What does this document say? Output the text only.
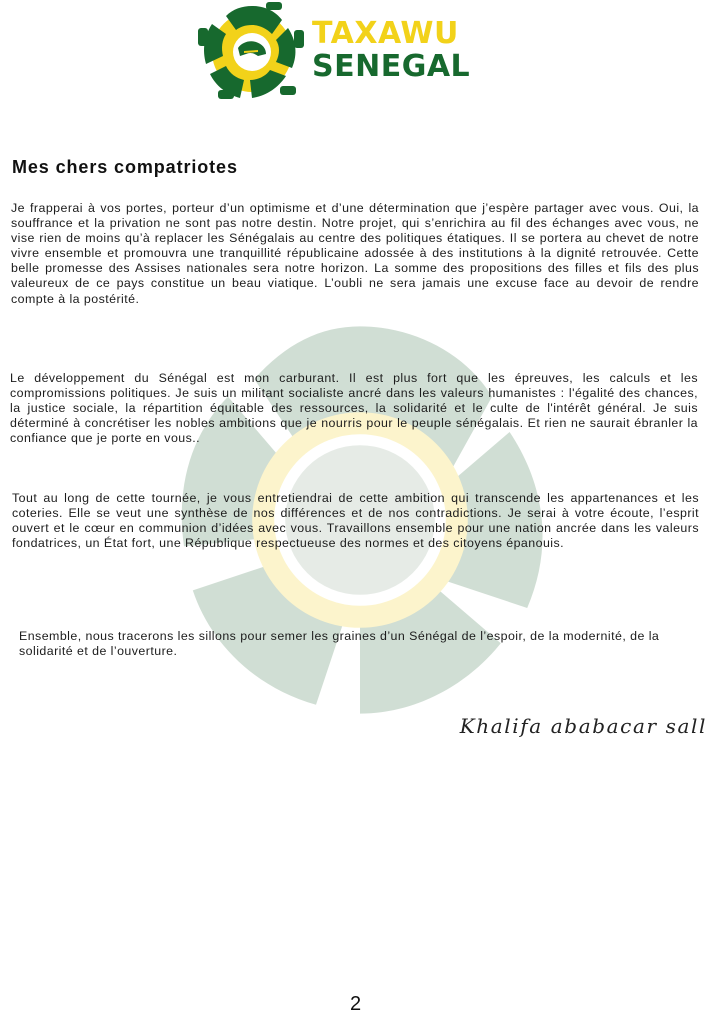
TAXAWU
SENEGAL
Mes chers compatriotes

Je frapperai à vos portes, porteur d’un optimisme et d’une détermination que j’espère partager avec vous. Oui, la souffrance et la privation ne sont pas notre destin. Notre projet, qui s’enrichira au fil des échanges avec vous, ne vise rien de moins qu’à replacer les Sénégalais au centre des politiques étatiques. Il se portera au chevet de notre vivre ensemble et promouvra une tranquillité républicaine adossée à des institutions à la dignité retrouvée. Cette belle promesse des Assises nationales sera notre horizon. La somme des propositions des filles et fils des plus valeureux de ce pays constitue un beau viatique. L’oubli ne sera jamais une excuse face au devoir de rendre compte à la postérité.

Le développement du Sénégal est mon carburant. Il est plus fort que les épreuves, les calculs et les compromissions politiques. Je suis un militant socialiste ancré dans les valeurs humanistes : l'égalité des chances, la justice sociale, la répartition équitable des ressources, la solidarité et le culte de l'intérêt général. Je suis déterminé à concrétiser les nobles ambitions que je nourris pour le peuple sénégalais. Et rien ne saurait ébranler la confiance que je porte en vous..

Tout au long de cette tournée, je vous entretiendrai de cette ambition qui transcende les appartenances et les coteries. Elle se veut une synthèse de nos différences et de nos contradictions. Je serai à votre écoute, l’esprit ouvert et le cœur en communion d’idées avec vous. Travaillons ensemble pour une nation ancrée dans les valeurs fondatrices, un État fort, une République respectueuse des normes et des citoyens épanouis.

Ensemble, nous tracerons les sillons pour semer les graines d’un Sénégal de l’espoir, de la modernité, de la solidarité et de l’ouverture.

Khalifa ababacar sall
2
